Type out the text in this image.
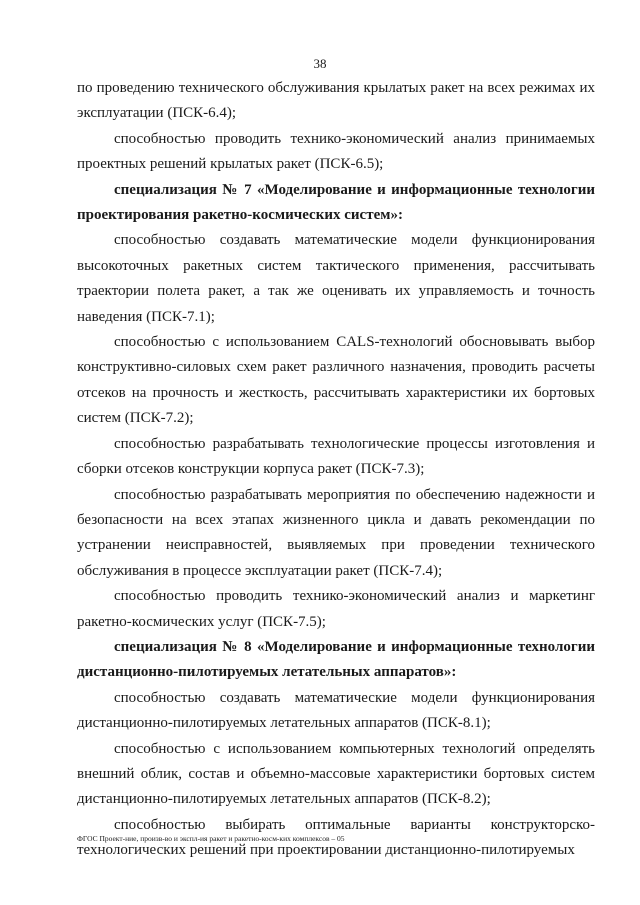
38

по проведению технического обслуживания крылатых ракет на всех режимах их эксплуатации (ПСК-6.4);

способностью проводить технико-экономический анализ принимаемых проектных решений крылатых ракет (ПСК-6.5);

специализация № 7 «Моделирование и информационные технологии проектирования ракетно-космических систем»:

способностью создавать математические модели функционирования высокоточных ракетных систем тактического применения, рассчитывать траектории полета ракет, а так же оценивать их управляемость и точность наведения (ПСК-7.1);

способностью с использованием CALS-технологий обосновывать выбор конструктивно-силовых схем ракет различного назначения, проводить расчеты отсеков на прочность и жесткость, рассчитывать характеристики их бортовых систем (ПСК-7.2);

способностью разрабатывать технологические процессы изготовления и сборки отсеков конструкции корпуса ракет (ПСК-7.3);

способностью разрабатывать мероприятия по обеспечению надежности и безопасности на всех этапах жизненного цикла и давать рекомендации по устранении неисправностей, выявляемых при проведении технического обслуживания в процессе эксплуатации ракет (ПСК-7.4);

способностью проводить технико-экономический анализ и маркетинг ракетно-космических услуг (ПСК-7.5);

специализация № 8 «Моделирование и информационные технологии дистанционно-пилотируемых летательных аппаратов»:

способностью создавать математические модели функционирования дистанционно-пилотируемых летательных аппаратов (ПСК-8.1);

способностью с использованием компьютерных технологий определять внешний облик, состав и объемно-массовые характеристики бортовых систем дистанционно-пилотируемых летательных аппаратов (ПСК-8.2);

способностью выбирать оптимальные варианты конструкторско-технологических решений при проектировании дистанционно-пилотируемых

ФГОС Проект-ние, произв-во и экспл-ия ракет и ракетно-косм-ких комплексов – 05
